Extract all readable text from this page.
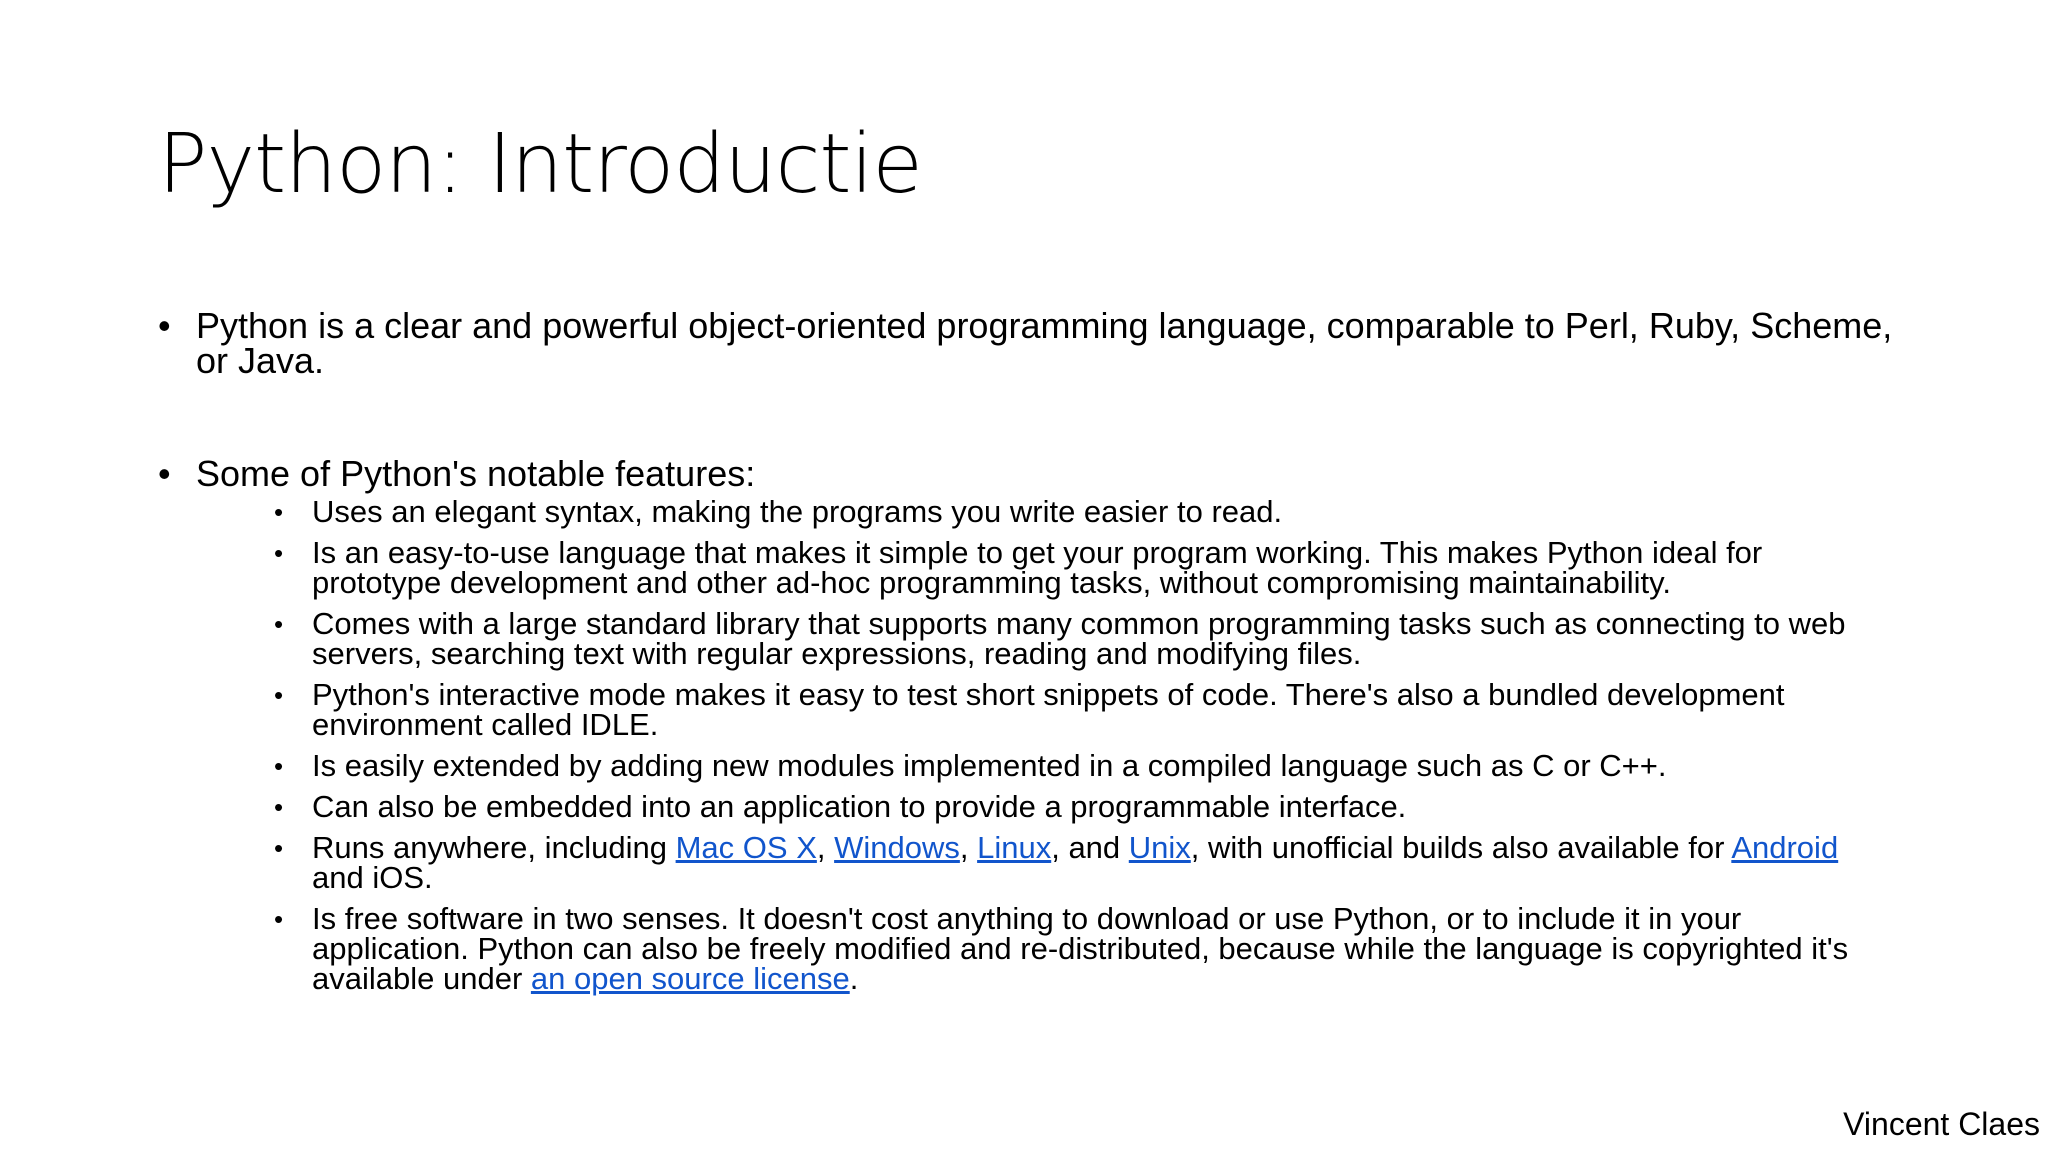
Python: Introductie

• Python is a clear and powerful object-oriented programming language, comparable to Perl, Ruby, Scheme, or Java.

• Some of Python's notable features:
• Uses an elegant syntax, making the programs you write easier to read.
• Is an easy-to-use language that makes it simple to get your program working. This makes Python ideal for prototype development and other ad-hoc programming tasks, without compromising maintainability.
• Comes with a large standard library that supports many common programming tasks such as connecting to web servers, searching text with regular expressions, reading and modifying files.
• Python's interactive mode makes it easy to test short snippets of code. There's also a bundled development environment called IDLE.
• Is easily extended by adding new modules implemented in a compiled language such as C or C++.
• Can also be embedded into an application to provide a programmable interface.
• Runs anywhere, including Mac OS X, Windows, Linux, and Unix, with unofficial builds also available for Android and iOS.
• Is free software in two senses. It doesn't cost anything to download or use Python, or to include it in your application. Python can also be freely modified and re-distributed, because while the language is copyrighted it's available under an open source license.
Vincent Claes
